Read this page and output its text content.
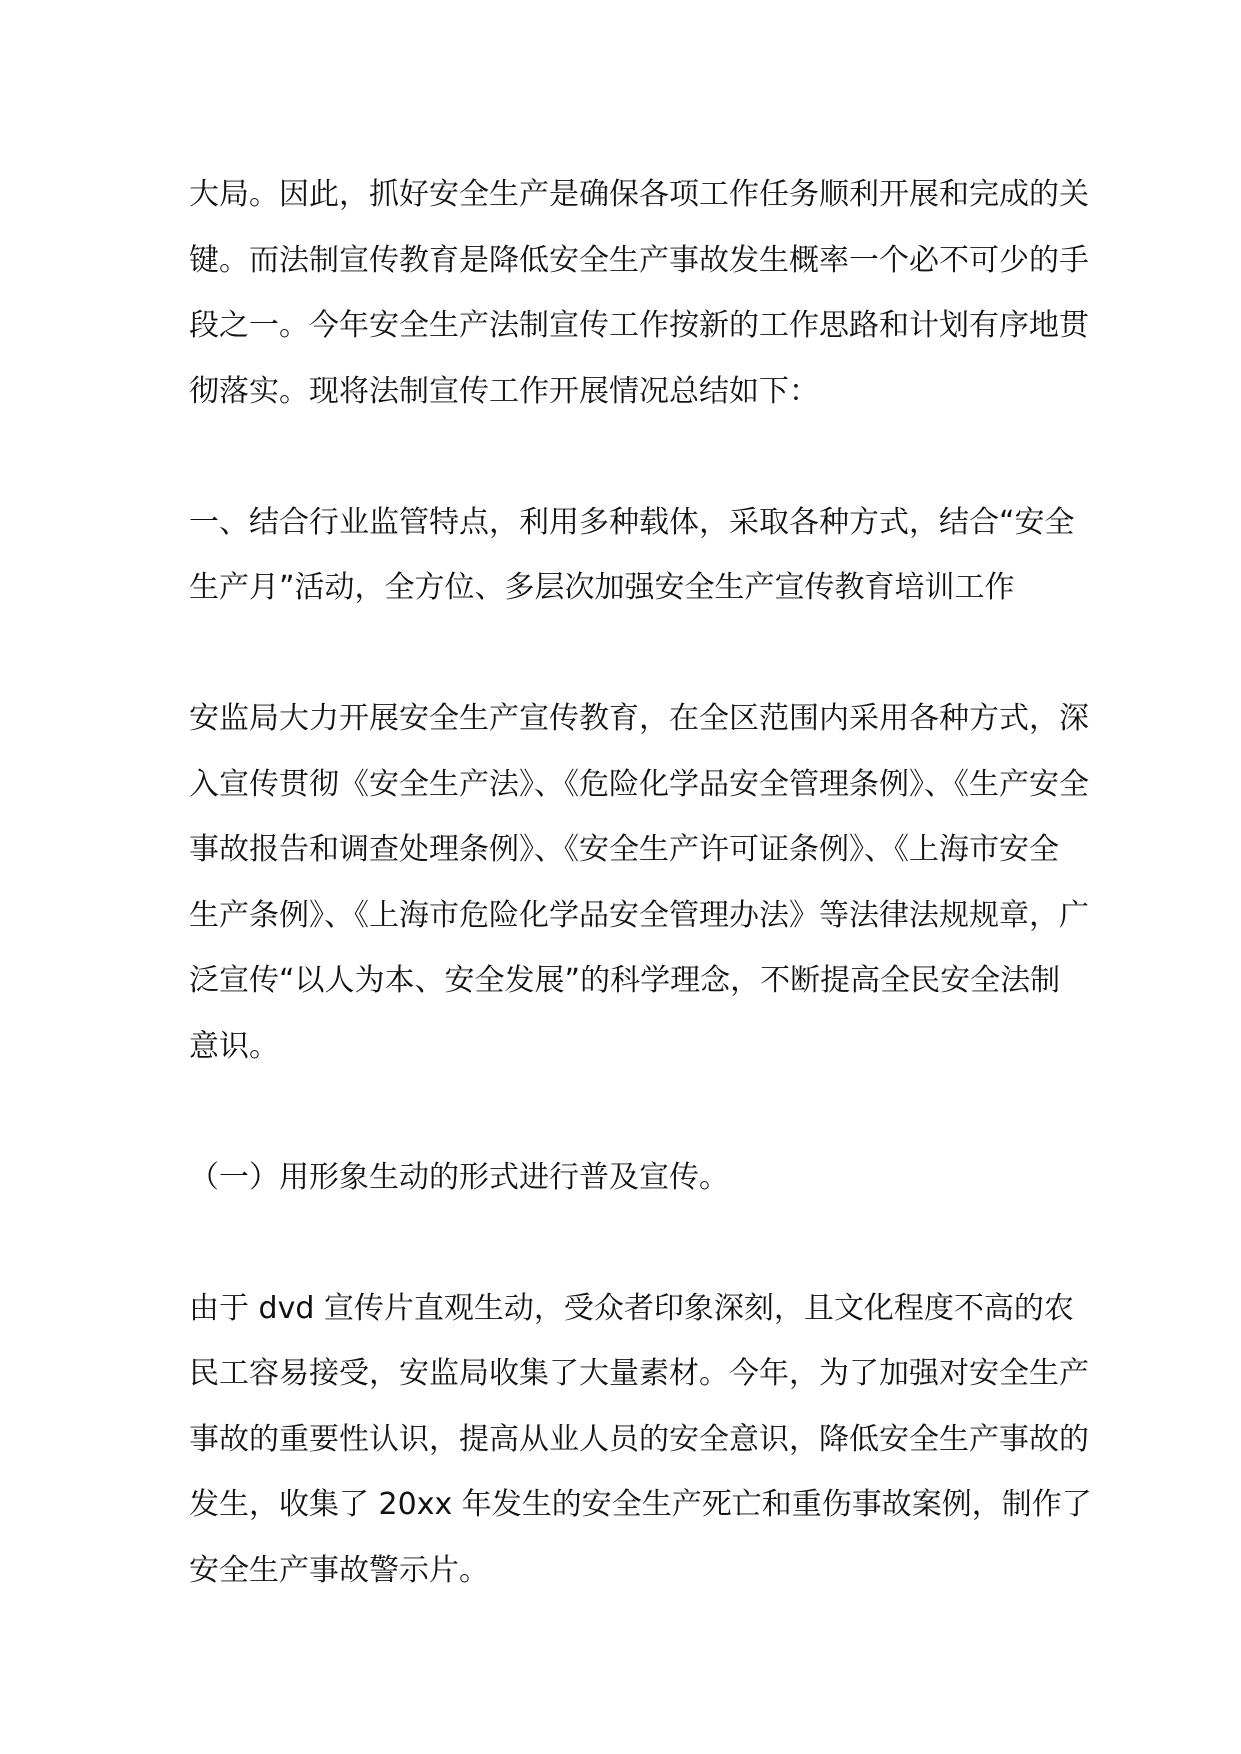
大局。因此，抓好安全生产是确保各项工作任务顺利开展和完成的关
键。而法制宣传教育是降低安全生产事故发生概率一个必不可少的手
段之一。今年安全生产法制宣传工作按新的工作思路和计划有序地贯
彻落实。现将法制宣传工作开展情况总结如下：

一、结合行业监管特点，利用多种载体，采取各种方式，结合“安全
生产月”活动，全方位、多层次加强安全生产宣传教育培训工作

安监局大力开展安全生产宣传教育，在全区范围内采用各种方式，深
入宣传贯彻《安全生产法》、《危险化学品安全管理条例》、《生产安全
事故报告和调查处理条例》、《安全生产许可证条例》、《上海市安全
生产条例》、《上海市危险化学品安全管理办法》等法律法规规章，广
泛宣传“以人为本、安全发展”的科学理念，不断提高全民安全法制
意识。

（一）用形象生动的形式进行普及宣传。

由于 dvd 宣传片直观生动，受众者印象深刻，且文化程度不高的农
民工容易接受，安监局收集了大量素材。今年，为了加强对安全生产
事故的重要性认识，提高从业人员的安全意识，降低安全生产事故的
发生，收集了 20xx 年发生的安全生产死亡和重伤事故案例，制作了
安全生产事故警示片。
